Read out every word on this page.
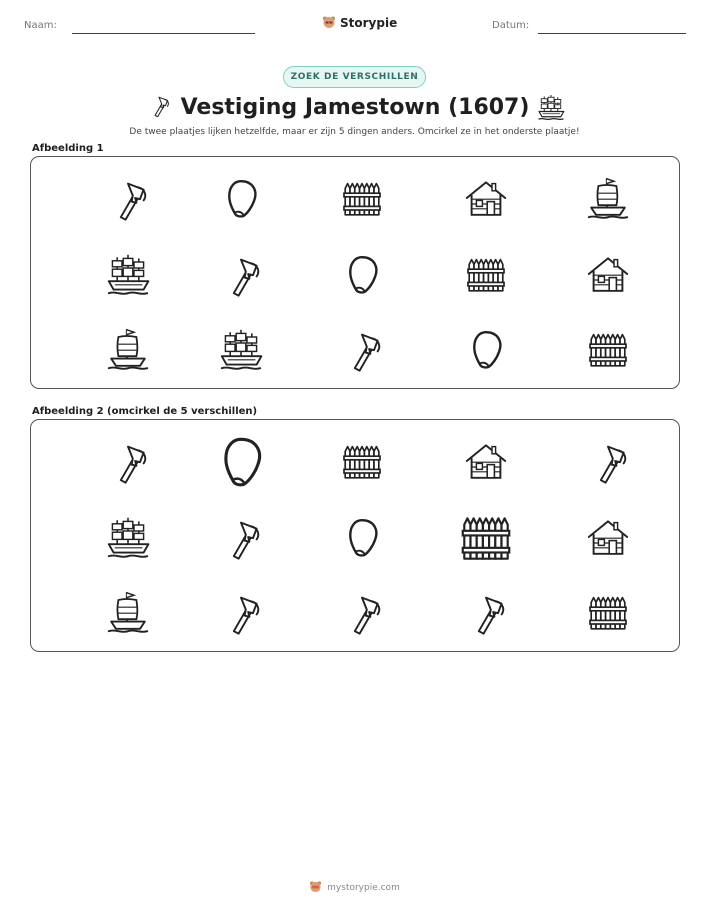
Naam:	Storypie	Datum:
ZOEK DE VERSCHILLEN
Vestiging Jamestown (1607)
De twee plaatjes lijken hetzelfde, maar er zijn 5 dingen anders. Omcirkel ze in het onderste plaatje!
Afbeelding 1
Afbeelding 2 (omcirkel de 5 verschillen)
mystorypie.com
